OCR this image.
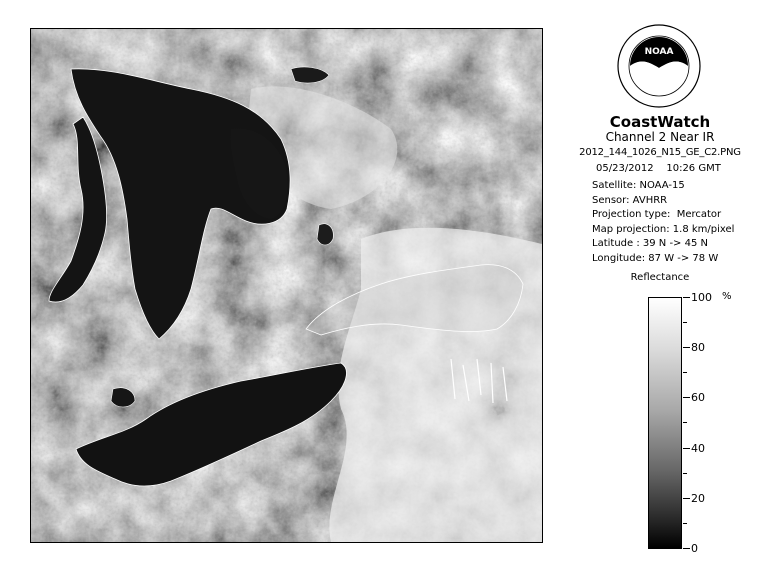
NOAA
CoastWatch
Channel 2 Near IR
2012_144_1026_N15_GE_C2.PNG
05/23/2012    10:26 GMT
Satellite: NOAA-15
Sensor: AVHRR
Projection type:  Mercator
Map projection: 1.8 km/pixel
Latitude : 39 N -> 45 N
Longitude: 87 W -> 78 W
Reflectance
%
100
80
60
40
20
0
